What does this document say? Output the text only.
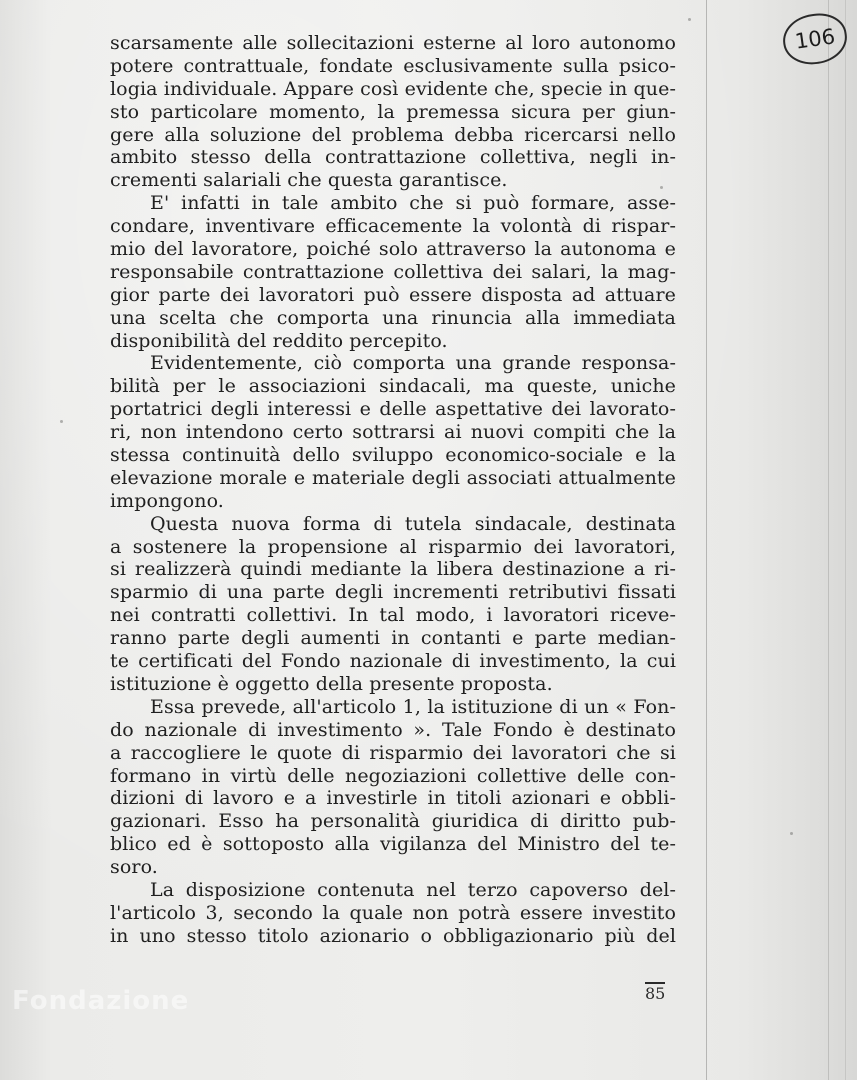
106
scarsamente alle sollecitazioni esterne al loro autonomo
potere contrattuale, fondate esclusivamente sulla psico-
logia individuale. Appare così evidente che, specie in que-
sto particolare momento, la premessa sicura per giun-
gere alla soluzione del problema debba ricercarsi nello
ambito stesso della contrattazione collettiva, negli in-
crementi salariali che questa garantisce.
E' infatti in tale ambito che si può formare, asse-
condare, inventivare efficacemente la volontà di rispar-
mio del lavoratore, poiché solo attraverso la autonoma e
responsabile contrattazione collettiva dei salari, la mag-
gior parte dei lavoratori può essere disposta ad attuare
una scelta che comporta una rinuncia alla immediata
disponibilità del reddito percepito.
Evidentemente, ciò comporta una grande responsa-
bilità per le associazioni sindacali, ma queste, uniche
portatrici degli interessi e delle aspettative dei lavorato-
ri, non intendono certo sottrarsi ai nuovi compiti che la
stessa continuità dello sviluppo economico-sociale e la
elevazione morale e materiale degli associati attualmente
impongono.
Questa nuova forma di tutela sindacale, destinata
a sostenere la propensione al risparmio dei lavoratori,
si realizzerà quindi mediante la libera destinazione a ri-
sparmio di una parte degli incrementi retributivi fissati
nei contratti collettivi. In tal modo, i lavoratori riceve-
ranno parte degli aumenti in contanti e parte median-
te certificati del Fondo nazionale di investimento, la cui
istituzione è oggetto della presente proposta.
Essa prevede, all'articolo 1, la istituzione di un « Fon-
do nazionale di investimento ». Tale Fondo è destinato
a raccogliere le quote di risparmio dei lavoratori che si
formano in virtù delle negoziazioni collettive delle con-
dizioni di lavoro e a investirle in titoli azionari e obbli-
gazionari. Esso ha personalità giuridica di diritto pub-
blico ed è sottoposto alla vigilanza del Ministro del te-
soro.
La disposizione contenuta nel terzo capoverso del-
l'articolo 3, secondo la quale non potrà essere investito
in uno stesso titolo azionario o obbligazionario più del
85
Fondazione
